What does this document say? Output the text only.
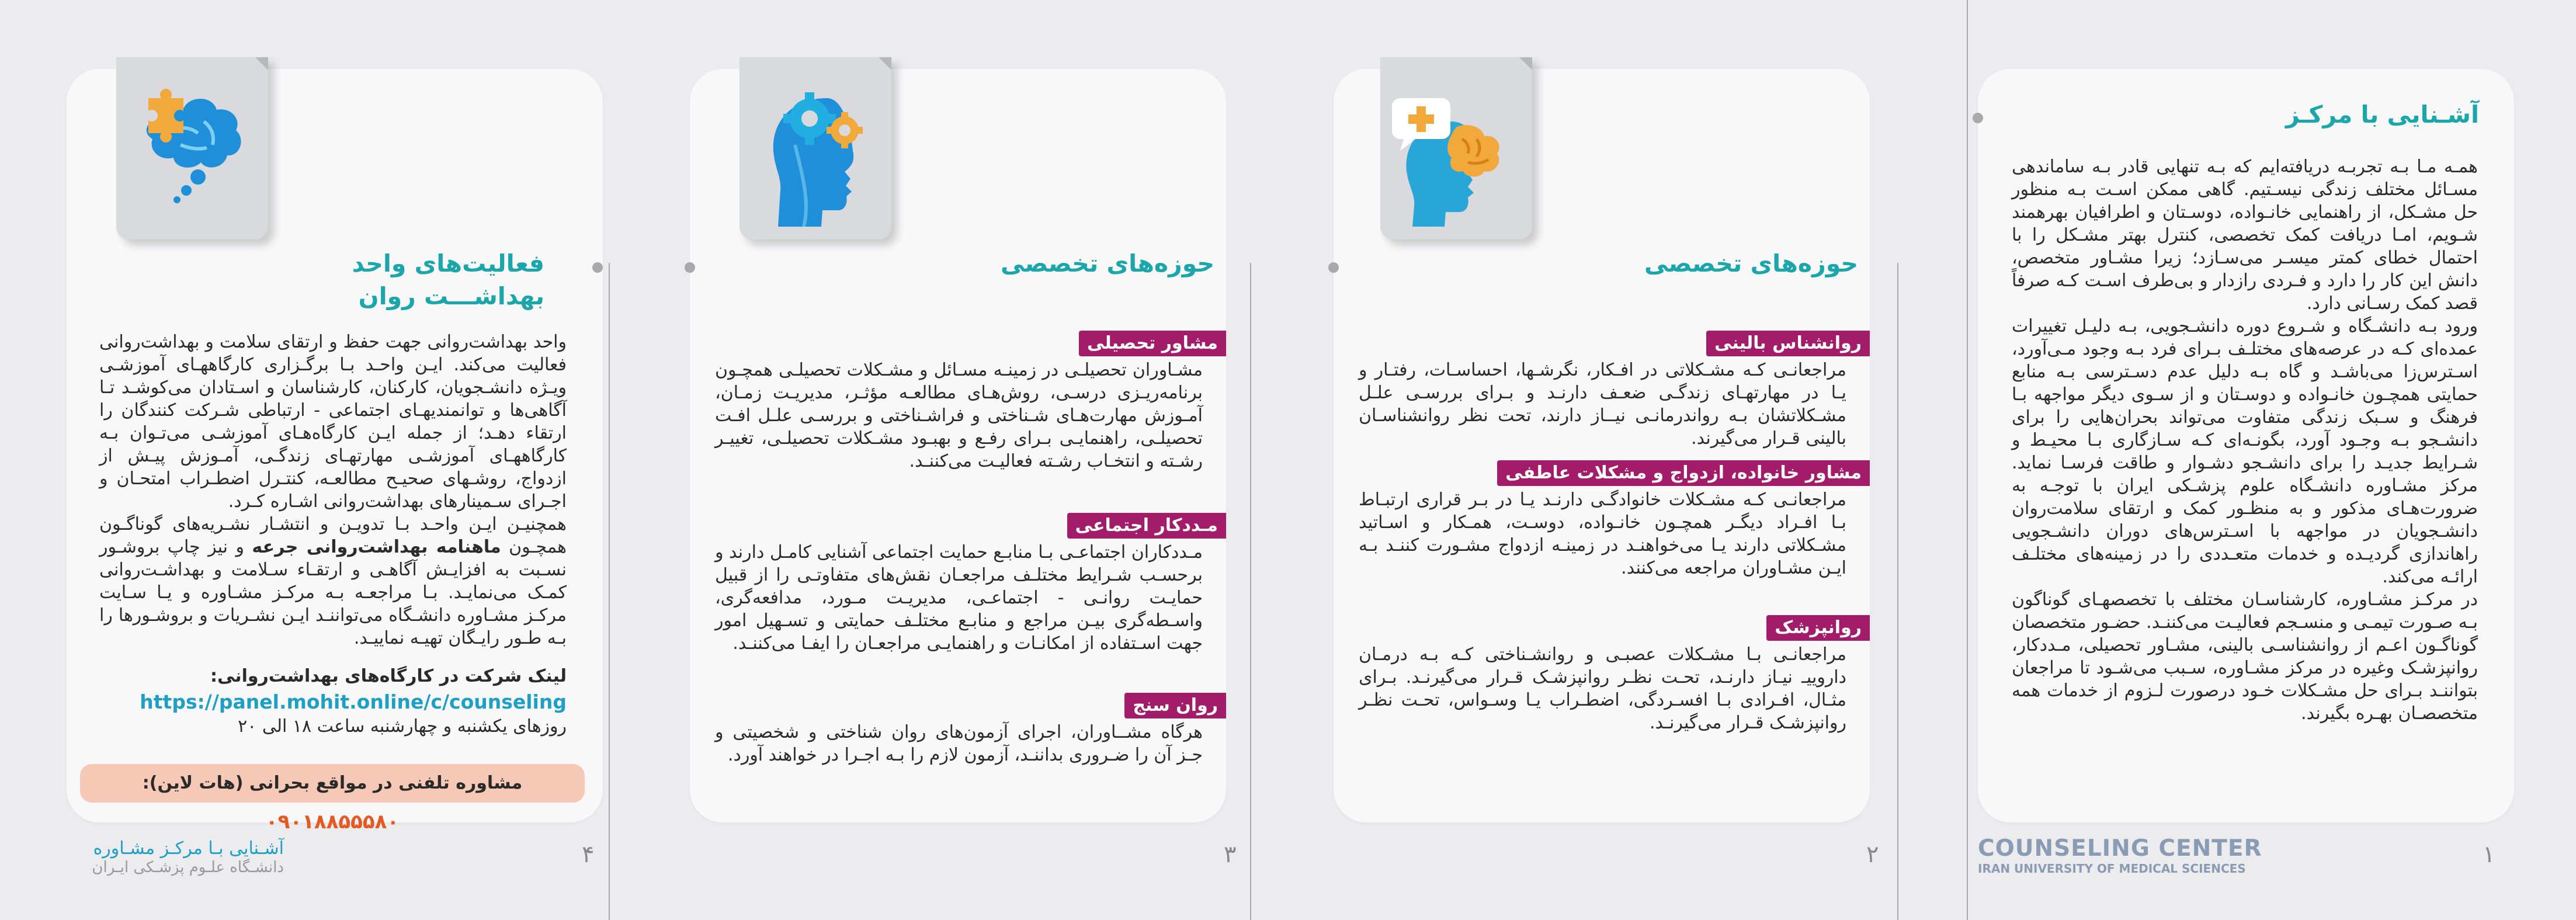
آشـنایی با مرکـز

همـه مـا بـه تجربـه دریافته‌ایم که بـه تنهایی قادر بـه ساماندهی مسـائل مختلف زندگی نیسـتیم. گاهی ممکن اسـت بـه منظور حل مشـکل، از راهنمایی خانـواده، دوسـتان و اطرافیان بهرهمند شـویم، امـا دریافت کمک تخصصی، کنترل بهتر مشـکل را با احتمال خطای کمتر میسـر می‌سـازد؛ زیرا مشـاور متخصص، دانش این کار را دارد و فـردی رازدار و بی‌طرف اسـت کـه صرفاً قصد کمک رسـانی دارد.

ورود بـه دانشـگاه و شـروع دوره دانشـجویی، بـه دلیـل تغییرات عمده‌ای کـه در عرصه‌های مختلـف بـرای فرد بـه وجود مـی‌آورد، اسـترس‌زا می‌باشـد و گاه بـه دلیل عدم دسـترسی بـه منابع حمایتی همچـون خانـواده و دوسـتان و از سـوی دیگر مواجهه بـا فرهنگ و سـبک زندگی متفاوت می‌تواند بحران‌هایی را برای دانشـجو بـه وجـود آورد، بگونـه‌ای کـه سـازگاری بـا محیـط و شـرایط جدیـد را برای دانشـجو دشـوار و طاقت فرسـا نماید. مرکز مشـاوره دانشـگاه علوم پزشـکی ایران با توجـه به ضرورت‌هـای مذکور و به منظـور کمک و ارتقای سلامت‌روان دانشـجویان در مواجهه با اسـترس‌های دوران دانشـجویی راهاندازی گردیـده و خدمات متعـددی را در زمینه‌های مختلـف ارائـه می‌کند.

در مرکـز مشـاوره، کارشناسـان مختلف با تخصصهـای گوناگون بـه صـورت تیمـی و منسـجم فعالیـت می‌کننـد. حضـور متخصصان گوناگـون اعـم از روانشناسـی بالینی، مشـاور تحصیلی، مـددکار، روانپزشـک وغیره در مرکز مشـاوره، سـبب می‌شـود تا مراجعان بتواننـد بـرای حل مشـکلات خـود درصورت لـزوم از خدمات همه متخصصـان بهـره بگیرند.

۱
COUNSELING CENTER
IRAN UNIVERSITY OF MEDICAL SCIENCES
حوزه‌های تخصصی
روانشناس بالینی
مراجعانـی کـه مشـکلاتی در افـکار، نگرشـها، احساسـات، رفتـار و یـا در مهارتهـای زندگـی ضعـف دارنـد و بـرای بررسـی علـل مشـکلاتشان بـه رواندرمانـی نیــاز دارند، تحت نظر روانشناسـان بالینی قـرار می‌گیرند.
مشاور خانواده، ازدواج و مشکلات عاطفی
مراجعانـی کـه مشـکلات خانوادگـی دارنـد یـا در بـر قراری ارتبـاط بـا افـراد دیگـر همچـون خانـواده، دوسـت، همـکار و اسـاتید مشـکلاتی دارند یـا می‌خواهنـد در زمینـه ازدواج مشـورت کننـد بـه ایـن مشـاوران مراجعه می‌کنند.
روانپزشک
مراجعانـی بـا مشـکلات عصبـی و روانشـناختی کـه بـه درمـان داروییـ نیـاز دارنـد، تحـت نظـر روانپزشـک قـرار می‌گیرنـد. بـرای مثـال، افـرادی بـا افسـردگی، اضطـراب یـا وسـواس، تحـت نظـر روانپزشـک قـرار می‌گیرنـد.
۲
حوزه‌های تخصصی
مشاور تحصیلی
مشـاوران تحصیلـی در زمینـه مسـائل و مشـکلات تحصیلـی همچـون برنامه‌ریـزی درسـی، روش‌هـای مطالعـه مؤثـر، مدیریـت زمـان، آمـوزش مهارت‌هـای شـناختی و فراشـناختی و بررسـی علـل افـت تحصیلـی، راهنمایـی بـرای رفـع و بهبـود مشـکلات تحصیلـی، تغییـر رشـته و انتخـاب رشـته فعالیـت می‌کننـد.
مـددکار اجتماعی
مـددکاران اجتماعـی بـا منابـع حمایت اجتماعی آشنایی کامـل دارند و برحسـب شـرایط مختلـف مراجعـان نقش‌های متفاوتـی را از قبیل حمایـت روانـی - اجتماعـی، مدیریـت مـورد، مدافعه‌گری، واسـطه‌گری بیـن مراجع و منابـع مختلـف حمایتی و تسـهیل امور جهت اسـتفاده از امکانـات و راهنمایـی مراجعـان را ایفـا می‌کننـد.
روان سنج
هرگاه مشــاوران، اجرای آزمون‌های روان شناختی و شخصیتی و جـز آن را ضـروری بداننـد، آزمون لازم را بـه اجـرا در خواهند آورد.
۳
فعالیت‌های واحد
بهداشـــت روان

واحد بهداشت‌روانی جهت حفظ و ارتقای سلامت و بهداشت‌روانی فعالیت می‌کند. ایـن واحـد بـا برگـزاری کارگاههـای آموزشـی ویـژه دانشـجویان، کارکنان، کارشناسان و اسـتادان می‌کوشـد تـا آگاهی‌ها و توانمندیهـای اجتماعی - ارتباطی شـرکت کنندگان را ارتقاء دهـد؛ از جمله ایـن کارگاه‌هـای آموزشـی می‌تـوان بـه کارگاههـای آموزشـی مهارتهـای زندگـی، آمـوزش پیـش از ازدواج، روشـهای صحیـح مطالعـه، کنتـرل اضطـراب امتحـان و اجـرای سـمینارهای بهداشت‌روانی اشـاره کـرد.

همچنیـن ایـن واحـد بـا تدویـن و انتشـار نشـریه‌های گوناگـون همچـون ماهنامه بهداشت‌روانی جرعه و نیز چاپ بروشـور نسـبت به افزایـش آگاهـی و ارتقـاء سـلامت و بهداشـت‌روانی کمـک می‌نمایـد. بـا مراجعـه بـه مرکـز مشـاوره و یـا سـایت مرکـز مشـاوره دانشـگاه می‌تواننـد ایـن نشـریات و بروشـورها را بـه طـور رایـگان تهیـه نماییـد.

لینک شرکت در کارگاه‌های بهداشت‌روانی:
https://panel.mohit.online/c/counseling
روزهای یکشنبه و چهارشنبه ساعت ۱۸ الی ۲۰
مشاوره تلفنی در مواقع بحرانی (هات لاین): ۰۹۰۱۸۸۵۵۵۸۰
۴
آشـنایی بـا مرکـز مشـاوره
دانشـگاه علـوم پزشـکی ایـران
